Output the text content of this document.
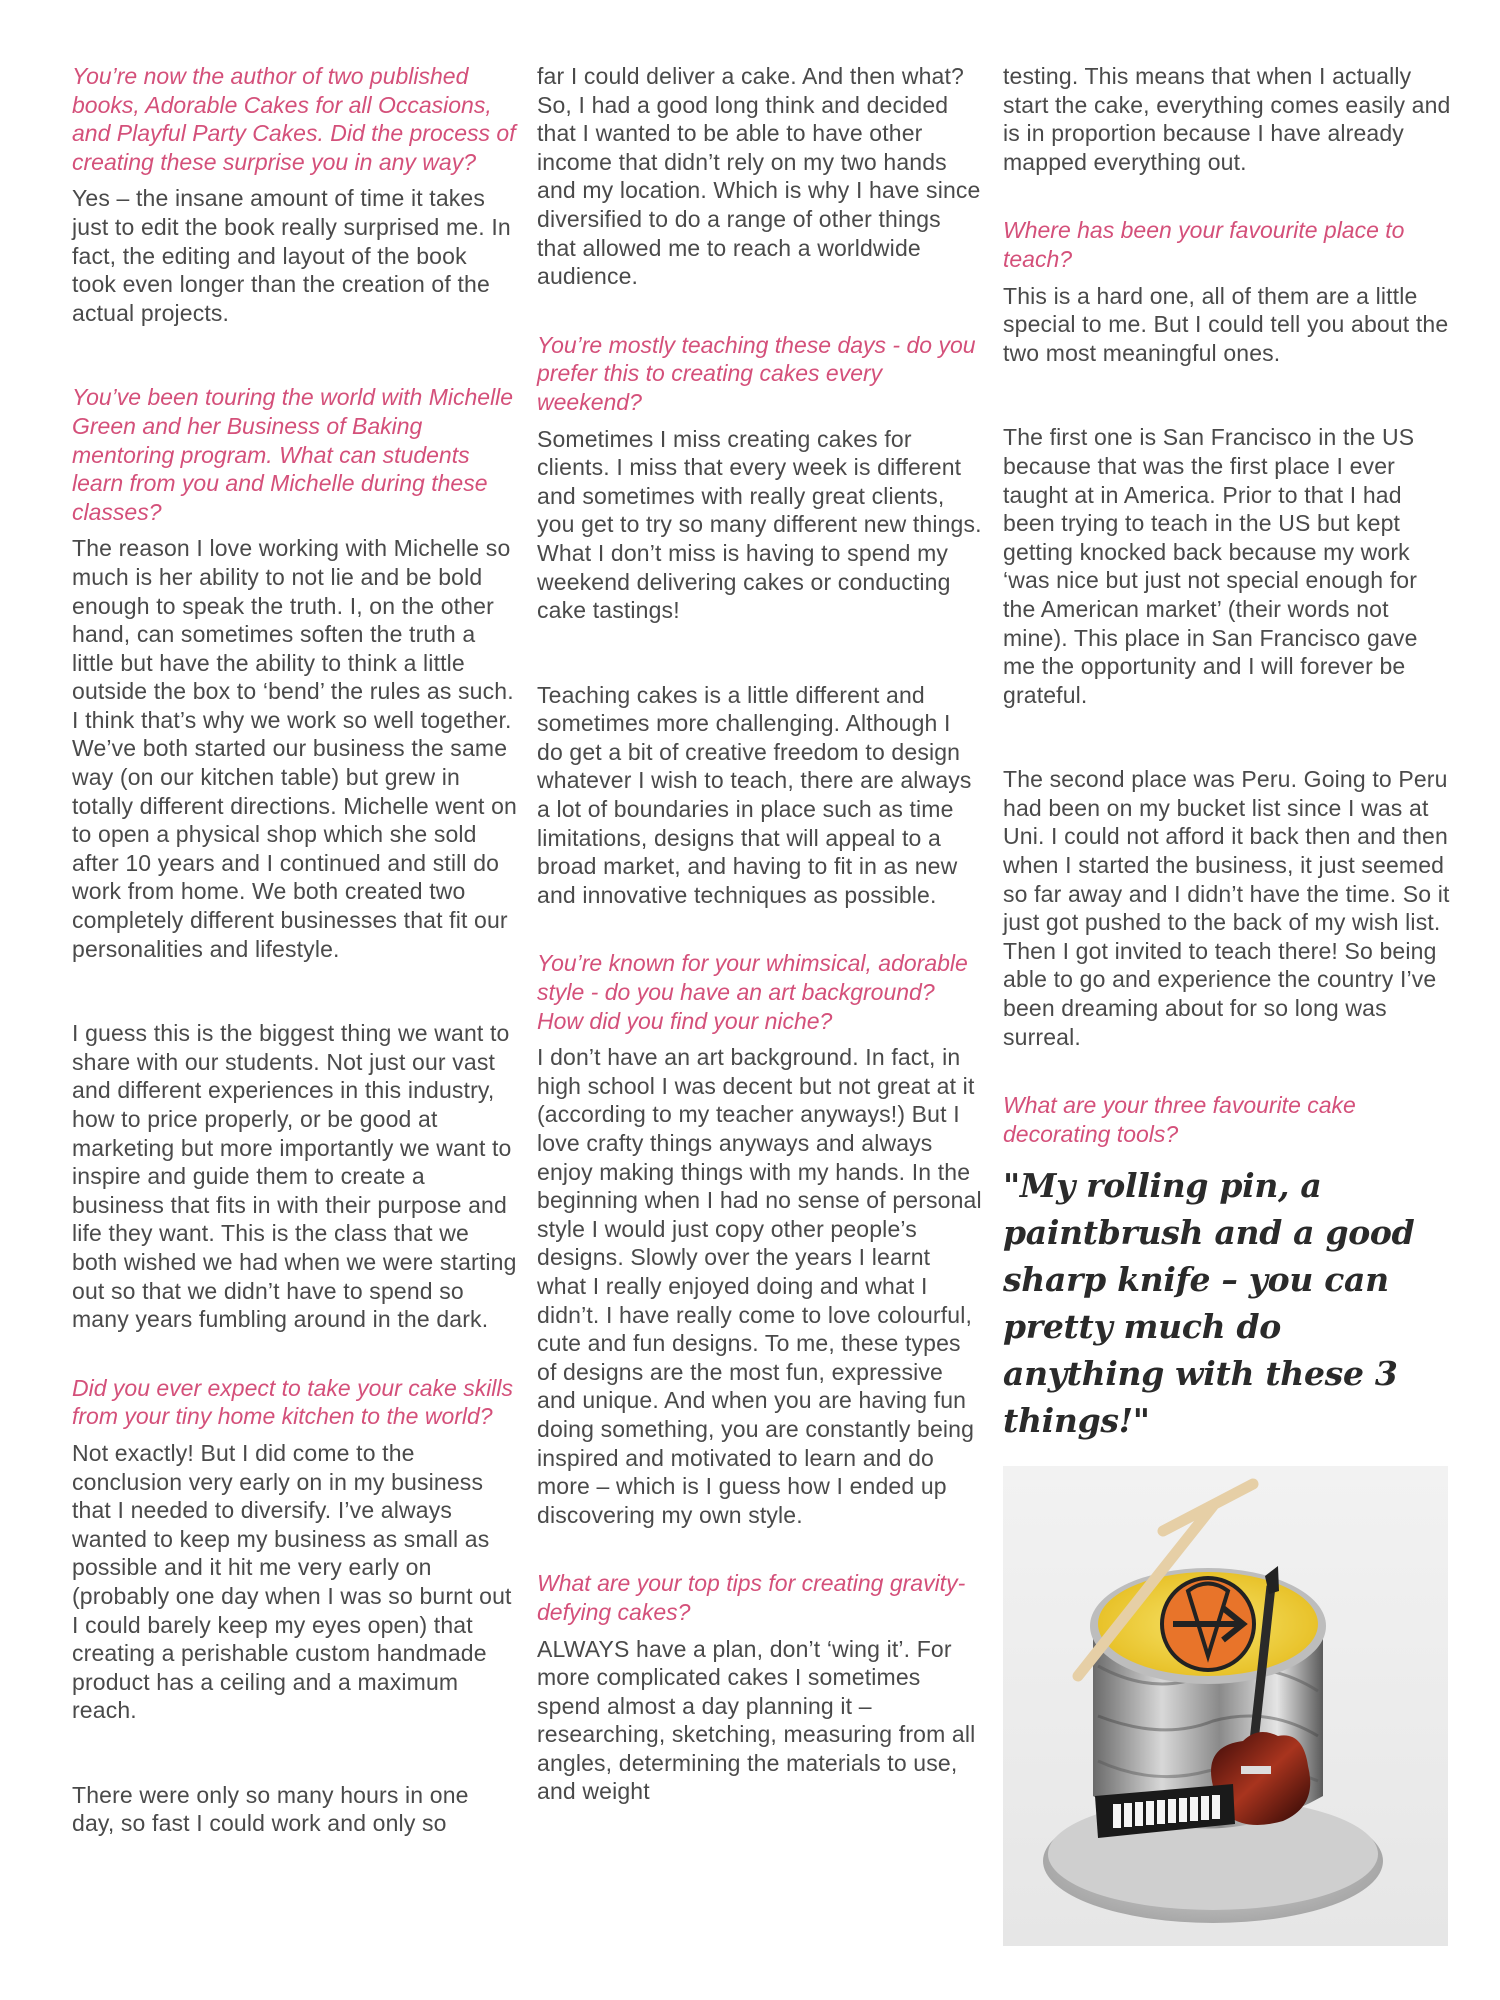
You’re now the author of two published books, Adorable Cakes for all Occasions, and Playful Party Cakes. Did the process of creating these surprise you in any way?

Yes – the insane amount of time it takes just to edit the book really surprised me. In fact, the editing and layout of the book took even longer than the creation of the actual projects.

You’ve been touring the world with Michelle Green and her Business of Baking mentoring program. What can students learn from you and Michelle during these classes?

The reason I love working with Michelle so much is her ability to not lie and be bold enough to speak the truth. I, on the other hand, can sometimes soften the truth a little but have the ability to think a little outside the box to ‘bend’ the rules as such. I think that’s why we work so well together. We’ve both started our business the same way (on our kitchen table) but grew in totally different directions. Michelle went on to open a physical shop which she sold after 10 years and I continued and still do work from home. We both created two completely different businesses that fit our personalities and lifestyle.

I guess this is the biggest thing we want to share with our students. Not just our vast and different experiences in this industry, how to price properly, or be good at marketing but more importantly we want to inspire and guide them to create a business that fits in with their purpose and life they want. This is the class that we both wished we had when we were starting out so that we didn’t have to spend so many years fumbling around in the dark.

Did you ever expect to take your cake skills from your tiny home kitchen to the world?

Not exactly! But I did come to the conclusion very early on in my business that I needed to diversify. I’ve always wanted to keep my business as small as possible and it hit me very early on (probably one day when I was so burnt out I could barely keep my eyes open) that creating a perishable custom handmade product has a ceiling and a maximum reach.

There were only so many hours in one day, so fast I could work and only so

far I could deliver a cake. And then what? So, I had a good long think and decided that I wanted to be able to have other income that didn’t rely on my two hands and my location. Which is why I have since diversified to do a range of other things that allowed me to reach a worldwide audience.

You’re mostly teaching these days - do you prefer this to creating cakes every weekend?

Sometimes I miss creating cakes for clients. I miss that every week is different and sometimes with really great clients, you get to try so many different new things. What I don’t miss is having to spend my weekend delivering cakes or conducting cake tastings!

Teaching cakes is a little different and sometimes more challenging. Although I do get a bit of creative freedom to design whatever I wish to teach, there are always a lot of boundaries in place such as time limitations, designs that will appeal to a broad market, and having to fit in as new and innovative techniques as possible.

You’re known for your whimsical, adorable style - do you have an art background? How did you find your niche?

I don’t have an art background. In fact, in high school I was decent but not great at it (according to my teacher anyways!) But I love crafty things anyways and always enjoy making things with my hands. In the beginning when I had no sense of personal style I would just copy other people’s designs. Slowly over the years I learnt what I really enjoyed doing and what I didn’t. I have really come to love colourful, cute and fun designs. To me, these types of designs are the most fun, expressive and unique. And when you are having fun doing something, you are constantly being inspired and motivated to learn and do more – which is I guess how I ended up discovering my own style.

What are your top tips for creating gravity-defying cakes?

ALWAYS have a plan, don’t ‘wing it’. For more complicated cakes I sometimes spend almost a day planning it – researching, sketching, measuring from all angles, determining the materials to use, and weight

testing. This means that when I actually start the cake, everything comes easily and is in proportion because I have already mapped everything out.

Where has been your favourite place to teach?

This is a hard one, all of them are a little special to me. But I could tell you about the two most meaningful ones.

The first one is San Francisco in the US because that was the first place I ever taught at in America. Prior to that I had been trying to teach in the US but kept getting knocked back because my work ‘was nice but just not special enough for the American market’ (their words not mine). This place in San Francisco gave me the opportunity and I will forever be grateful.

The second place was Peru. Going to Peru had been on my bucket list since I was at Uni. I could not afford it back then and then when I started the business, it just seemed so far away and I didn’t have the time. So it just got pushed to the back of my wish list. Then I got invited to teach there! So being able to go and experience the country I’ve been dreaming about for so long was surreal.

What are your three favourite cake decorating tools?
"My rolling pin, a paintbrush and a good sharp knife – you can pretty much do anything with these 3 things!"
